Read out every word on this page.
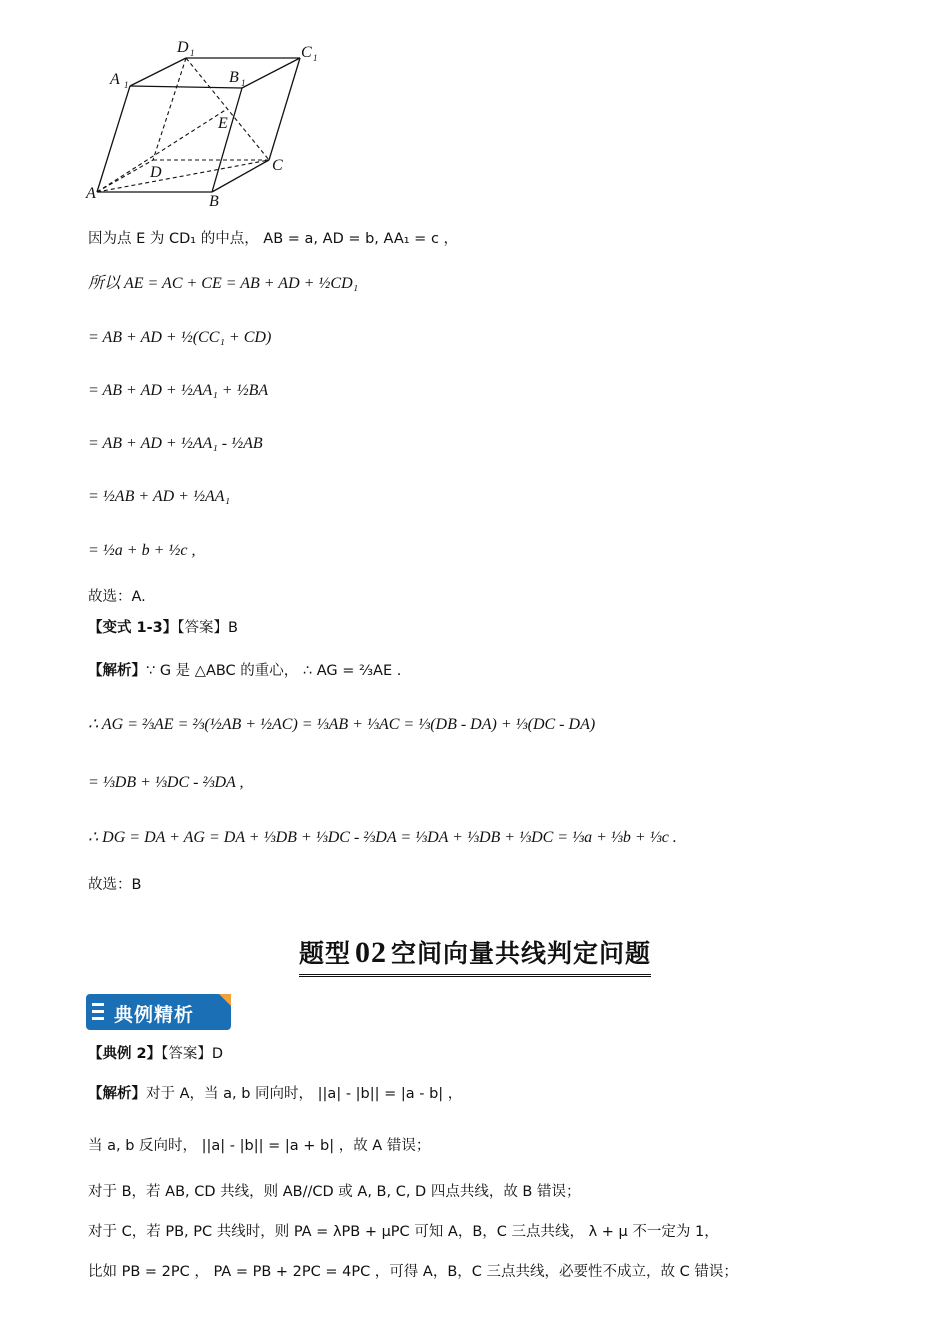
A	B
C
D
E
A 1	B 1
C 1
D 1
因为点 E 为 CD₁ 的中点， AB = a, AD = b, AA₁ = c ，
所以 AE = AC + CE = AB + AD + ½CD₁
= AB + AD + ½(CC₁ + CD)
= AB + AD + ½AA₁ + ½BA
= AB + AD + ½AA₁ - ½AB
= ½AB + AD + ½AA₁
= ½a + b + ½c ,
故选：A.
【变式 1-3】【答案】B
【解析】∵ G 是 △ABC 的重心， ∴ AG = ⅔AE .
∴ AG = ⅔AE = ⅔(½AB + ½AC) = ⅓AB + ⅓AC = ⅓(DB - DA) + ⅓(DC - DA)
= ⅓DB + ⅓DC - ⅔DA ,
∴ DG = DA + AG = DA + ⅓DB + ⅓DC - ⅔DA = ⅓DA + ⅓DB + ⅓DC = ⅓a + ⅓b + ⅓c .
故选：B
题型 02 空间向量共线判定问题
典例精析
【典例 2】【答案】D
【解析】对于 A，当 a, b 同向时， ||a| - |b|| = |a - b| ，
当 a, b 反向时， ||a| - |b|| = |a + b| ，故 A 错误；
对于 B，若 AB, CD 共线，则 AB//CD 或 A, B, C, D 四点共线，故 B 错误；
对于 C，若 PB, PC 共线时，则 PA = λPB + μPC 可知 A，B，C 三点共线， λ + μ 不一定为 1，
比如 PB = 2PC ， PA = PB + 2PC = 4PC ，可得 A，B，C 三点共线，必要性不成立，故 C 错误；
